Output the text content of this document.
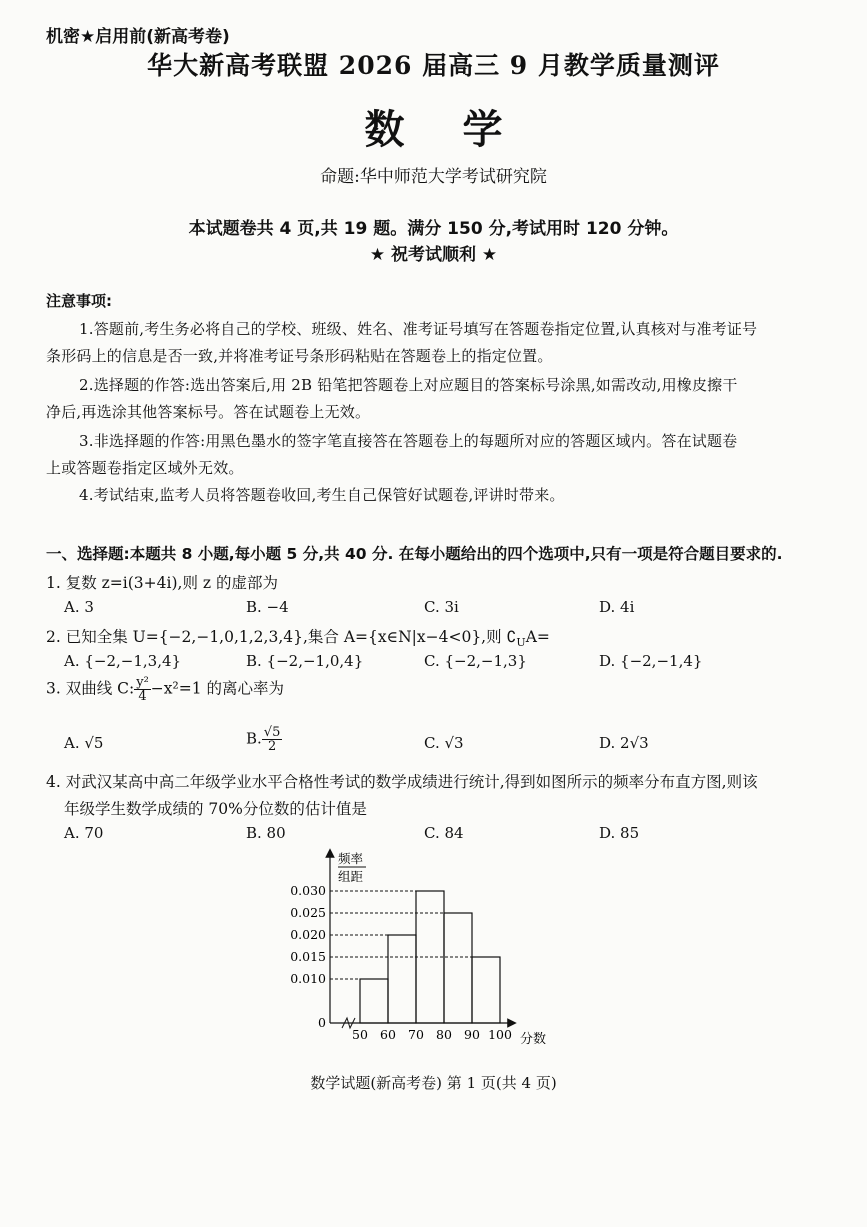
机密★启用前(新高考卷)
华大新高考联盟 2026 届高三 9 月教学质量测评
数学
命题:华中师范大学考试研究院
本试题卷共 4 页,共 19 题。满分 150 分,考试用时 120 分钟。
★ 祝考试顺利 ★
注意事项:
1.答题前,考生务必将自己的学校、班级、姓名、准考证号填写在答题卷指定位置,认真核对与准考证号
条形码上的信息是否一致,并将准考证号条形码粘贴在答题卷上的指定位置。
2.选择题的作答:选出答案后,用 2B 铅笔把答题卷上对应题目的答案标号涂黑,如需改动,用橡皮擦干
净后,再选涂其他答案标号。答在试题卷上无效。
3.非选择题的作答:用黑色墨水的签字笔直接答在答题卷上的每题所对应的答题区域内。答在试题卷
上或答题卷指定区域外无效。
4.考试结束,监考人员将答题卷收回,考生自己保管好试题卷,评讲时带来。
一、选择题:本题共 8 小题,每小题 5 分,共 40 分. 在每小题给出的四个选项中,只有一项是符合题目要求的.
1. 复数 z=i(3+4i),则 z 的虚部为
A. 3	B. −4	C. 3i	D. 4i
2. 已知全集 U={−2,−1,0,1,2,3,4},集合 A={x∈N|x−4<0},则 $∁_UA=$
A. {−2,−1,3,4}	B. {−2,−1,0,4}	C. {−2,−1,3}	D. {−2,−1,4}
3. 双曲线 C: $\frac{\text{y²}}{4} -x^2=1$ 的离心率为
A. √5	B. $\frac{√5}{2}$	C. √3	D. 2√3
4. 对武汉某高中高二年级学业水平合格性考试的数学成绩进行统计,得到如图所示的频率分布直方图,则该
年级学生数学成绩的 70%分位数的估计值是
A. 70	B. 80	C. 84	D. 85
0
0.010
0.015
0.020
0.025
0.030
50 60 70 80 90 100
频率
组距
分数
数学试题(新高考卷) 第 1 页(共 4 页)
